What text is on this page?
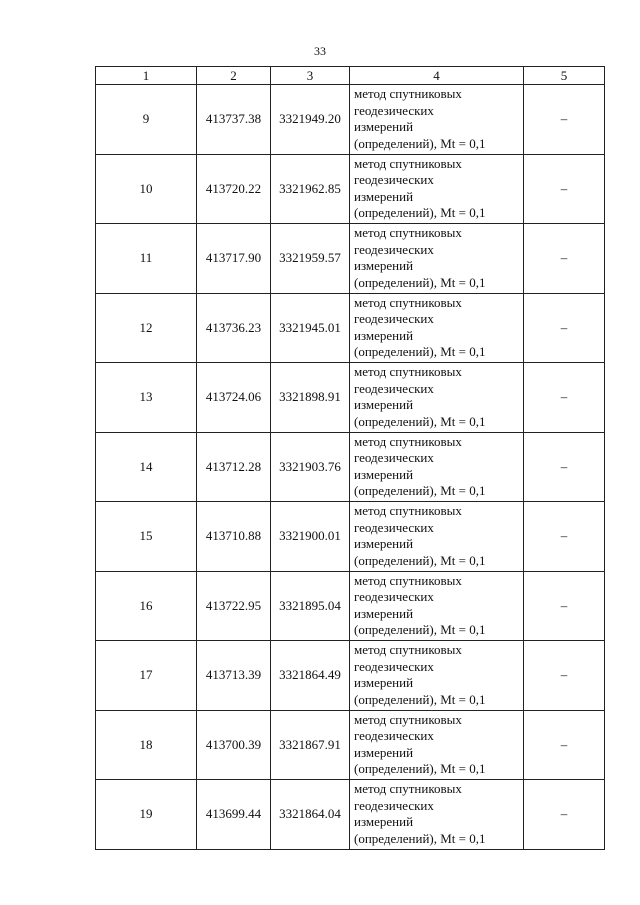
33
1	2	3	4	5
9	413737.38	3321949.20	метод спутниковых
геодезических
измерений
(определений), Mt = 0,1	–
10	413720.22	3321962.85	метод спутниковых
геодезических
измерений
(определений), Mt = 0,1	–
11	413717.90	3321959.57	метод спутниковых
геодезических
измерений
(определений), Mt = 0,1	–
12	413736.23	3321945.01	метод спутниковых
геодезических
измерений
(определений), Mt = 0,1	–
13	413724.06	3321898.91	метод спутниковых
геодезических
измерений
(определений), Mt = 0,1	–
14	413712.28	3321903.76	метод спутниковых
геодезических
измерений
(определений), Mt = 0,1	–
15	413710.88	3321900.01	метод спутниковых
геодезических
измерений
(определений), Mt = 0,1	–
16	413722.95	3321895.04	метод спутниковых
геодезических
измерений
(определений), Mt = 0,1	–
17	413713.39	3321864.49	метод спутниковых
геодезических
измерений
(определений), Mt = 0,1	–
18	413700.39	3321867.91	метод спутниковых
геодезических
измерений
(определений), Mt = 0,1	–
19	413699.44	3321864.04	метод спутниковых
геодезических
измерений
(определений), Mt = 0,1	–
